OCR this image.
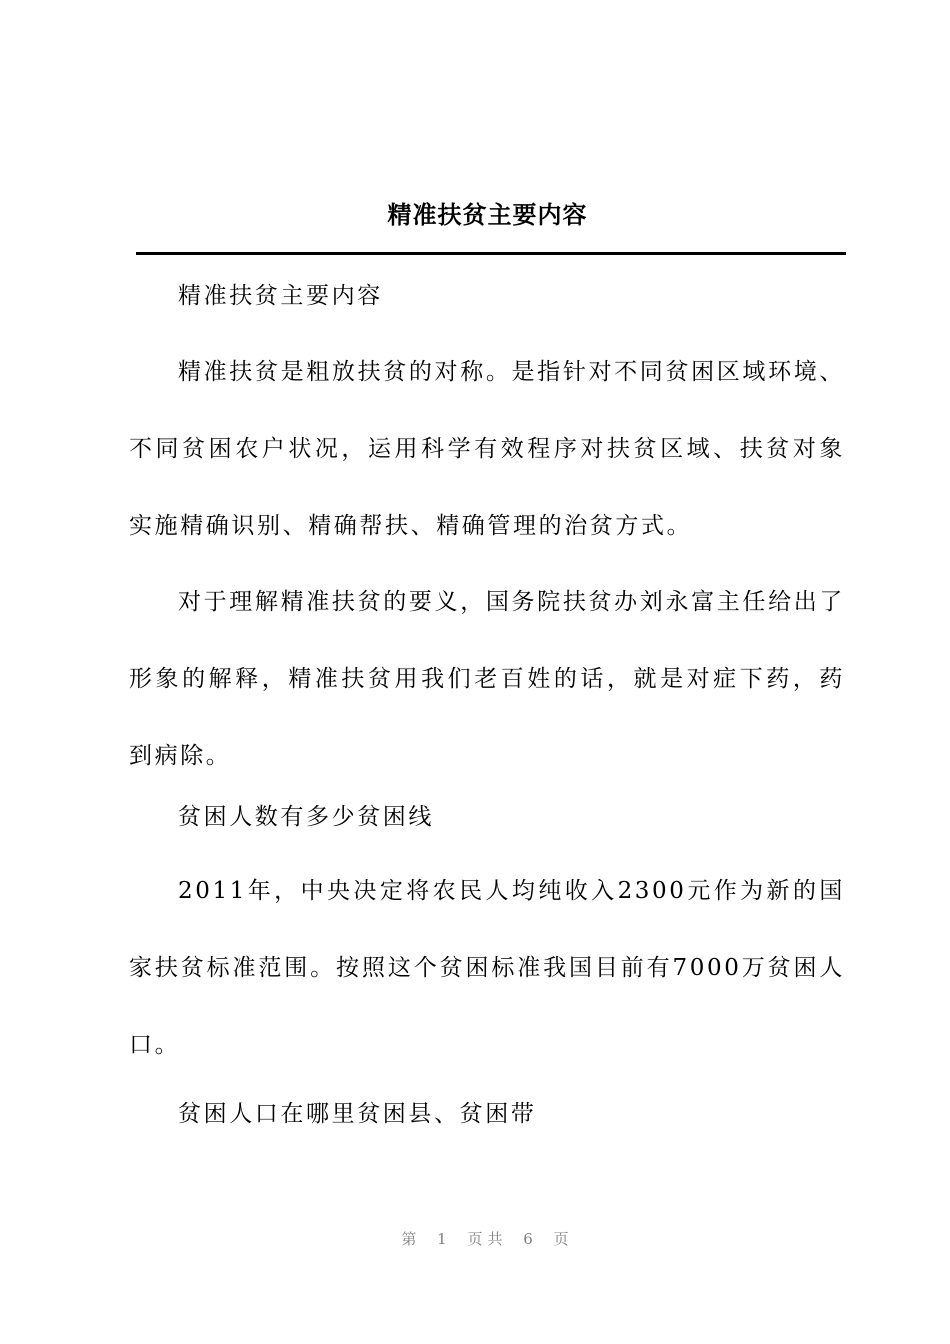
精准扶贫主要内容

精准扶贫主要内容

精准扶贫是粗放扶贫的对称。是指针对不同贫困区域环境、不同贫困农户状况，运用科学有效程序对扶贫区域、扶贫对象实施精确识别、精确帮扶、精确管理的治贫方式。

对于理解精准扶贫的要义，国务院扶贫办刘永富主任给出了形象的解释，精准扶贫用我们老百姓的话，就是对症下药，药到病除。

贫困人数有多少贫困线

2011年，中央决定将农民人均纯收入2300元作为新的国家扶贫标准范围。按照这个贫困标准我国目前有7000万贫困人口。

贫困人口在哪里贫困县、贫困带

第 1 页共 6 页
